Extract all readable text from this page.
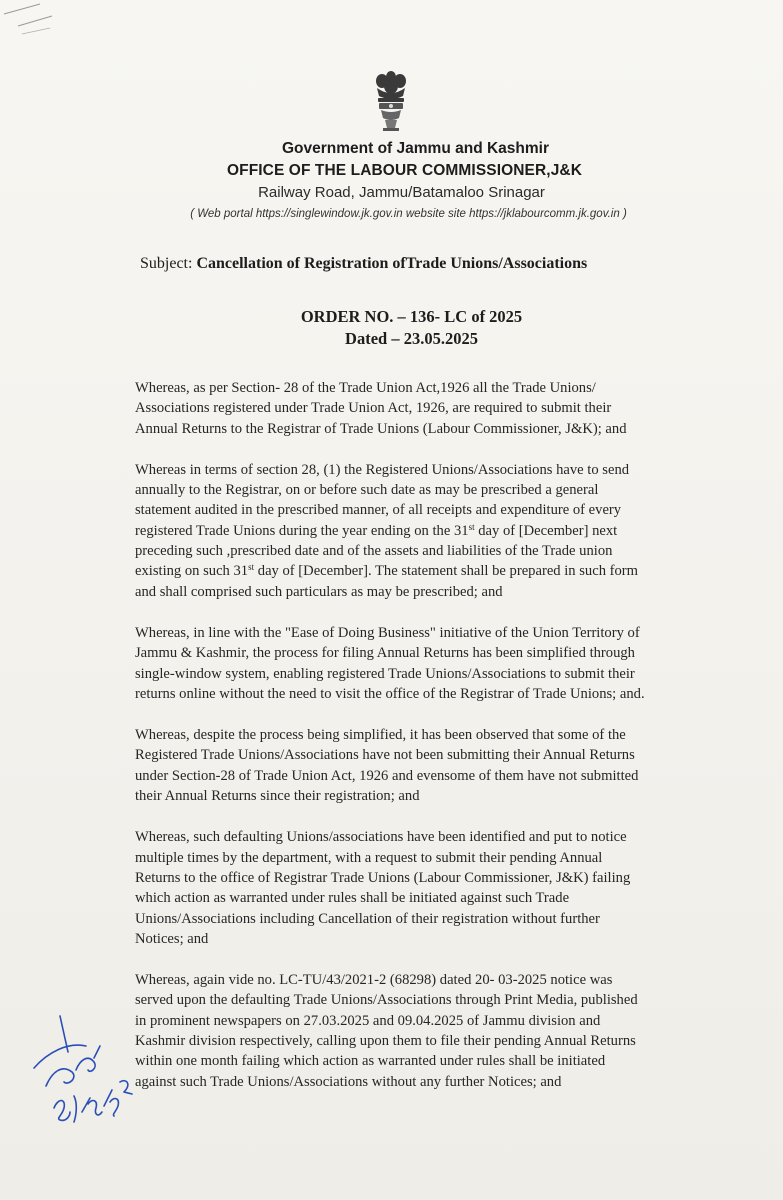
Government of Jammu and Kashmir

OFFICE OF THE LABOUR COMMISSIONER,J&K

Railway Road, Jammu/Batamaloo Srinagar

( Web portal https://singlewindow.jk.gov.in website site https://jklabourcomm.jk.gov.in )

Subject: Cancellation of Registration ofTrade Unions/Associations

ORDER NO. – 136- LC of 2025

Dated – 23.05.2025

Whereas, as per Section- 28 of the Trade Union Act,1926 all the Trade Unions/
Associations registered under Trade Union Act, 1926, are required to submit their
Annual Returns to the Registrar of Trade Unions (Labour Commissioner, J&K); and
Whereas in terms of section 28, (1) the Registered Unions/Associations have to send
annually to the Registrar, on or before such date as may be prescribed a general
statement audited in the prescribed manner, of all receipts and expenditure of every
registered Trade Unions during the year ending on the 31st day of [December] next
preceding such ,prescribed date and of the assets and liabilities of the Trade union
existing on such 31st day of [December]. The statement shall be prepared in such form
and shall comprised such particulars as may be prescribed; and
Whereas, in line with the "Ease of Doing Business" initiative of the Union Territory of
Jammu & Kashmir, the process for filing Annual Returns has been simplified through
single-window system, enabling registered Trade Unions/Associations to submit their
returns online without the need to visit the office of the Registrar of Trade Unions; and.
Whereas, despite the process being simplified, it has been observed that some of the
Registered Trade Unions/Associations have not been submitting their Annual Returns
under Section-28 of Trade Union Act, 1926 and evensome of them have not submitted
their Annual Returns since their registration; and
Whereas, such defaulting Unions/associations have been identified and put to notice
multiple times by the department, with a request to submit their pending Annual
Returns to the office of Registrar Trade Unions (Labour Commissioner, J&K) failing
which action as warranted under rules shall be initiated against such Trade
Unions/Associations including Cancellation of their registration without further
Notices; and
Whereas, again vide no. LC-TU/43/2021-2 (68298) dated 20- 03-2025 notice was
served upon the defaulting Trade Unions/Associations through Print Media, published
in prominent newspapers on 27.03.2025 and 09.04.2025 of Jammu division and
Kashmir division respectively, calling upon them to file their pending Annual Returns
within one month failing which action as warranted under rules shall be initiated
against such Trade Unions/Associations without any further Notices; and
